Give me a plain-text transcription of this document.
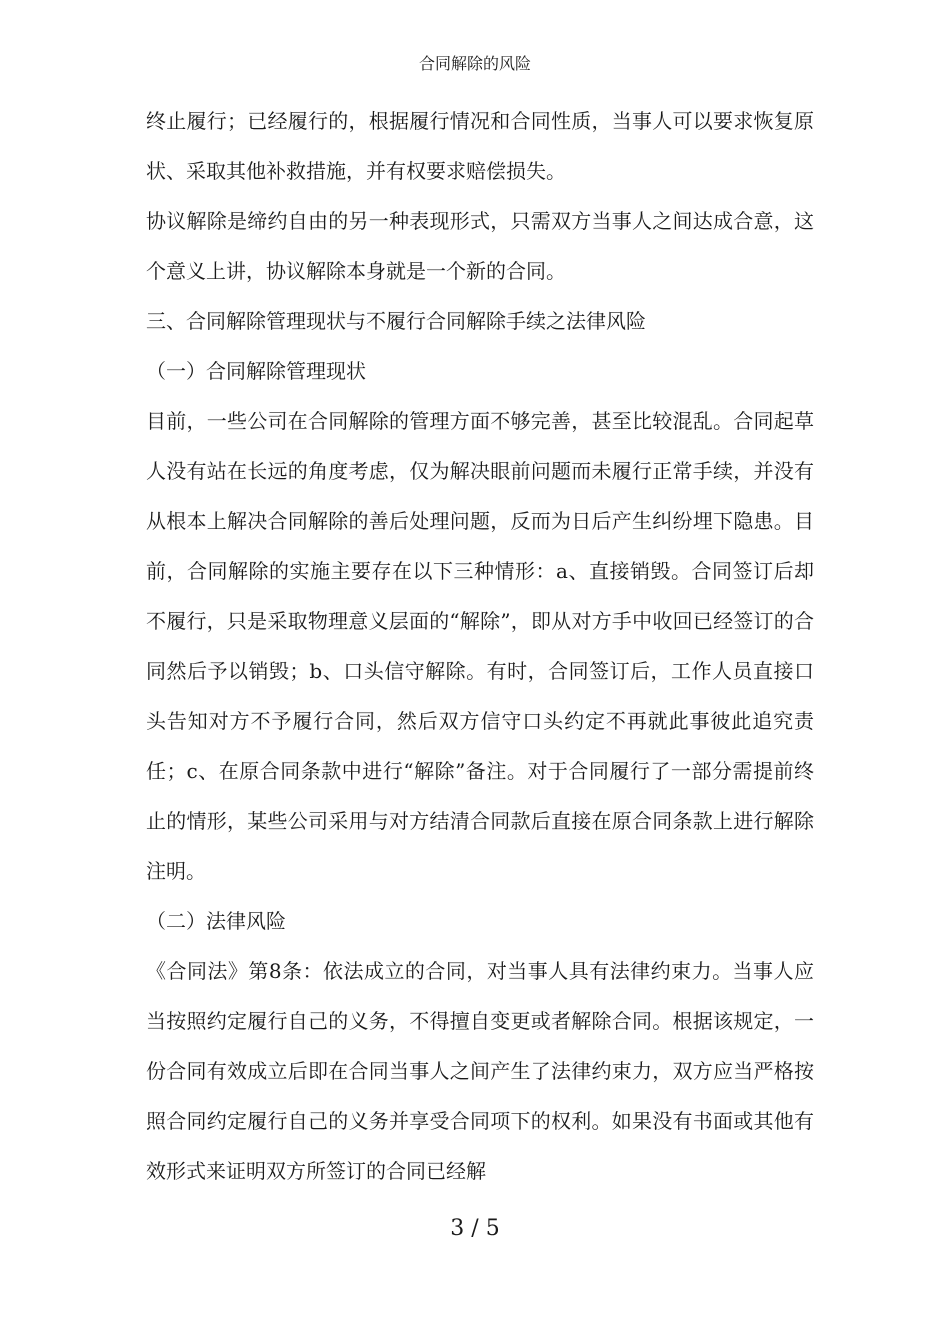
合同解除的风险

终止履行；已经履行的，根据履行情况和合同性质，当事人可以要求恢复原状、采取其他补救措施，并有权要求赔偿损失。

协议解除是缔约自由的另一种表现形式，只需双方当事人之间达成合意，这个意义上讲，协议解除本身就是一个新的合同。

三、合同解除管理现状与不履行合同解除手续之法律风险

（一）合同解除管理现状

目前，一些公司在合同解除的管理方面不够完善，甚至比较混乱。合同起草人没有站在长远的角度考虑，仅为解决眼前问题而未履行正常手续，并没有从根本上解决合同解除的善后处理问题，反而为日后产生纠纷埋下隐患。目前，合同解除的实施主要存在以下三种情形：a、直接销毁。合同签订后却不履行，只是采取物理意义层面的“解除”，即从对方手中收回已经签订的合同然后予以销毁；b、口头信守解除。有时，合同签订后，工作人员直接口头告知对方不予履行合同，然后双方信守口头约定不再就此事彼此追究责任；c、在原合同条款中进行“解除”备注。对于合同履行了一部分需提前终止的情形，某些公司采用与对方结清合同款后直接在原合同条款上进行解除注明。

（二）法律风险

《合同法》第8条：依法成立的合同，对当事人具有法律约束力。当事人应当按照约定履行自己的义务，不得擅自变更或者解除合同。根据该规定，一份合同有效成立后即在合同当事人之间产生了法律约束力，双方应当严格按照合同约定履行自己的义务并享受合同项下的权利。如果没有书面或其他有效形式来证明双方所签订的合同已经解

3 / 5
